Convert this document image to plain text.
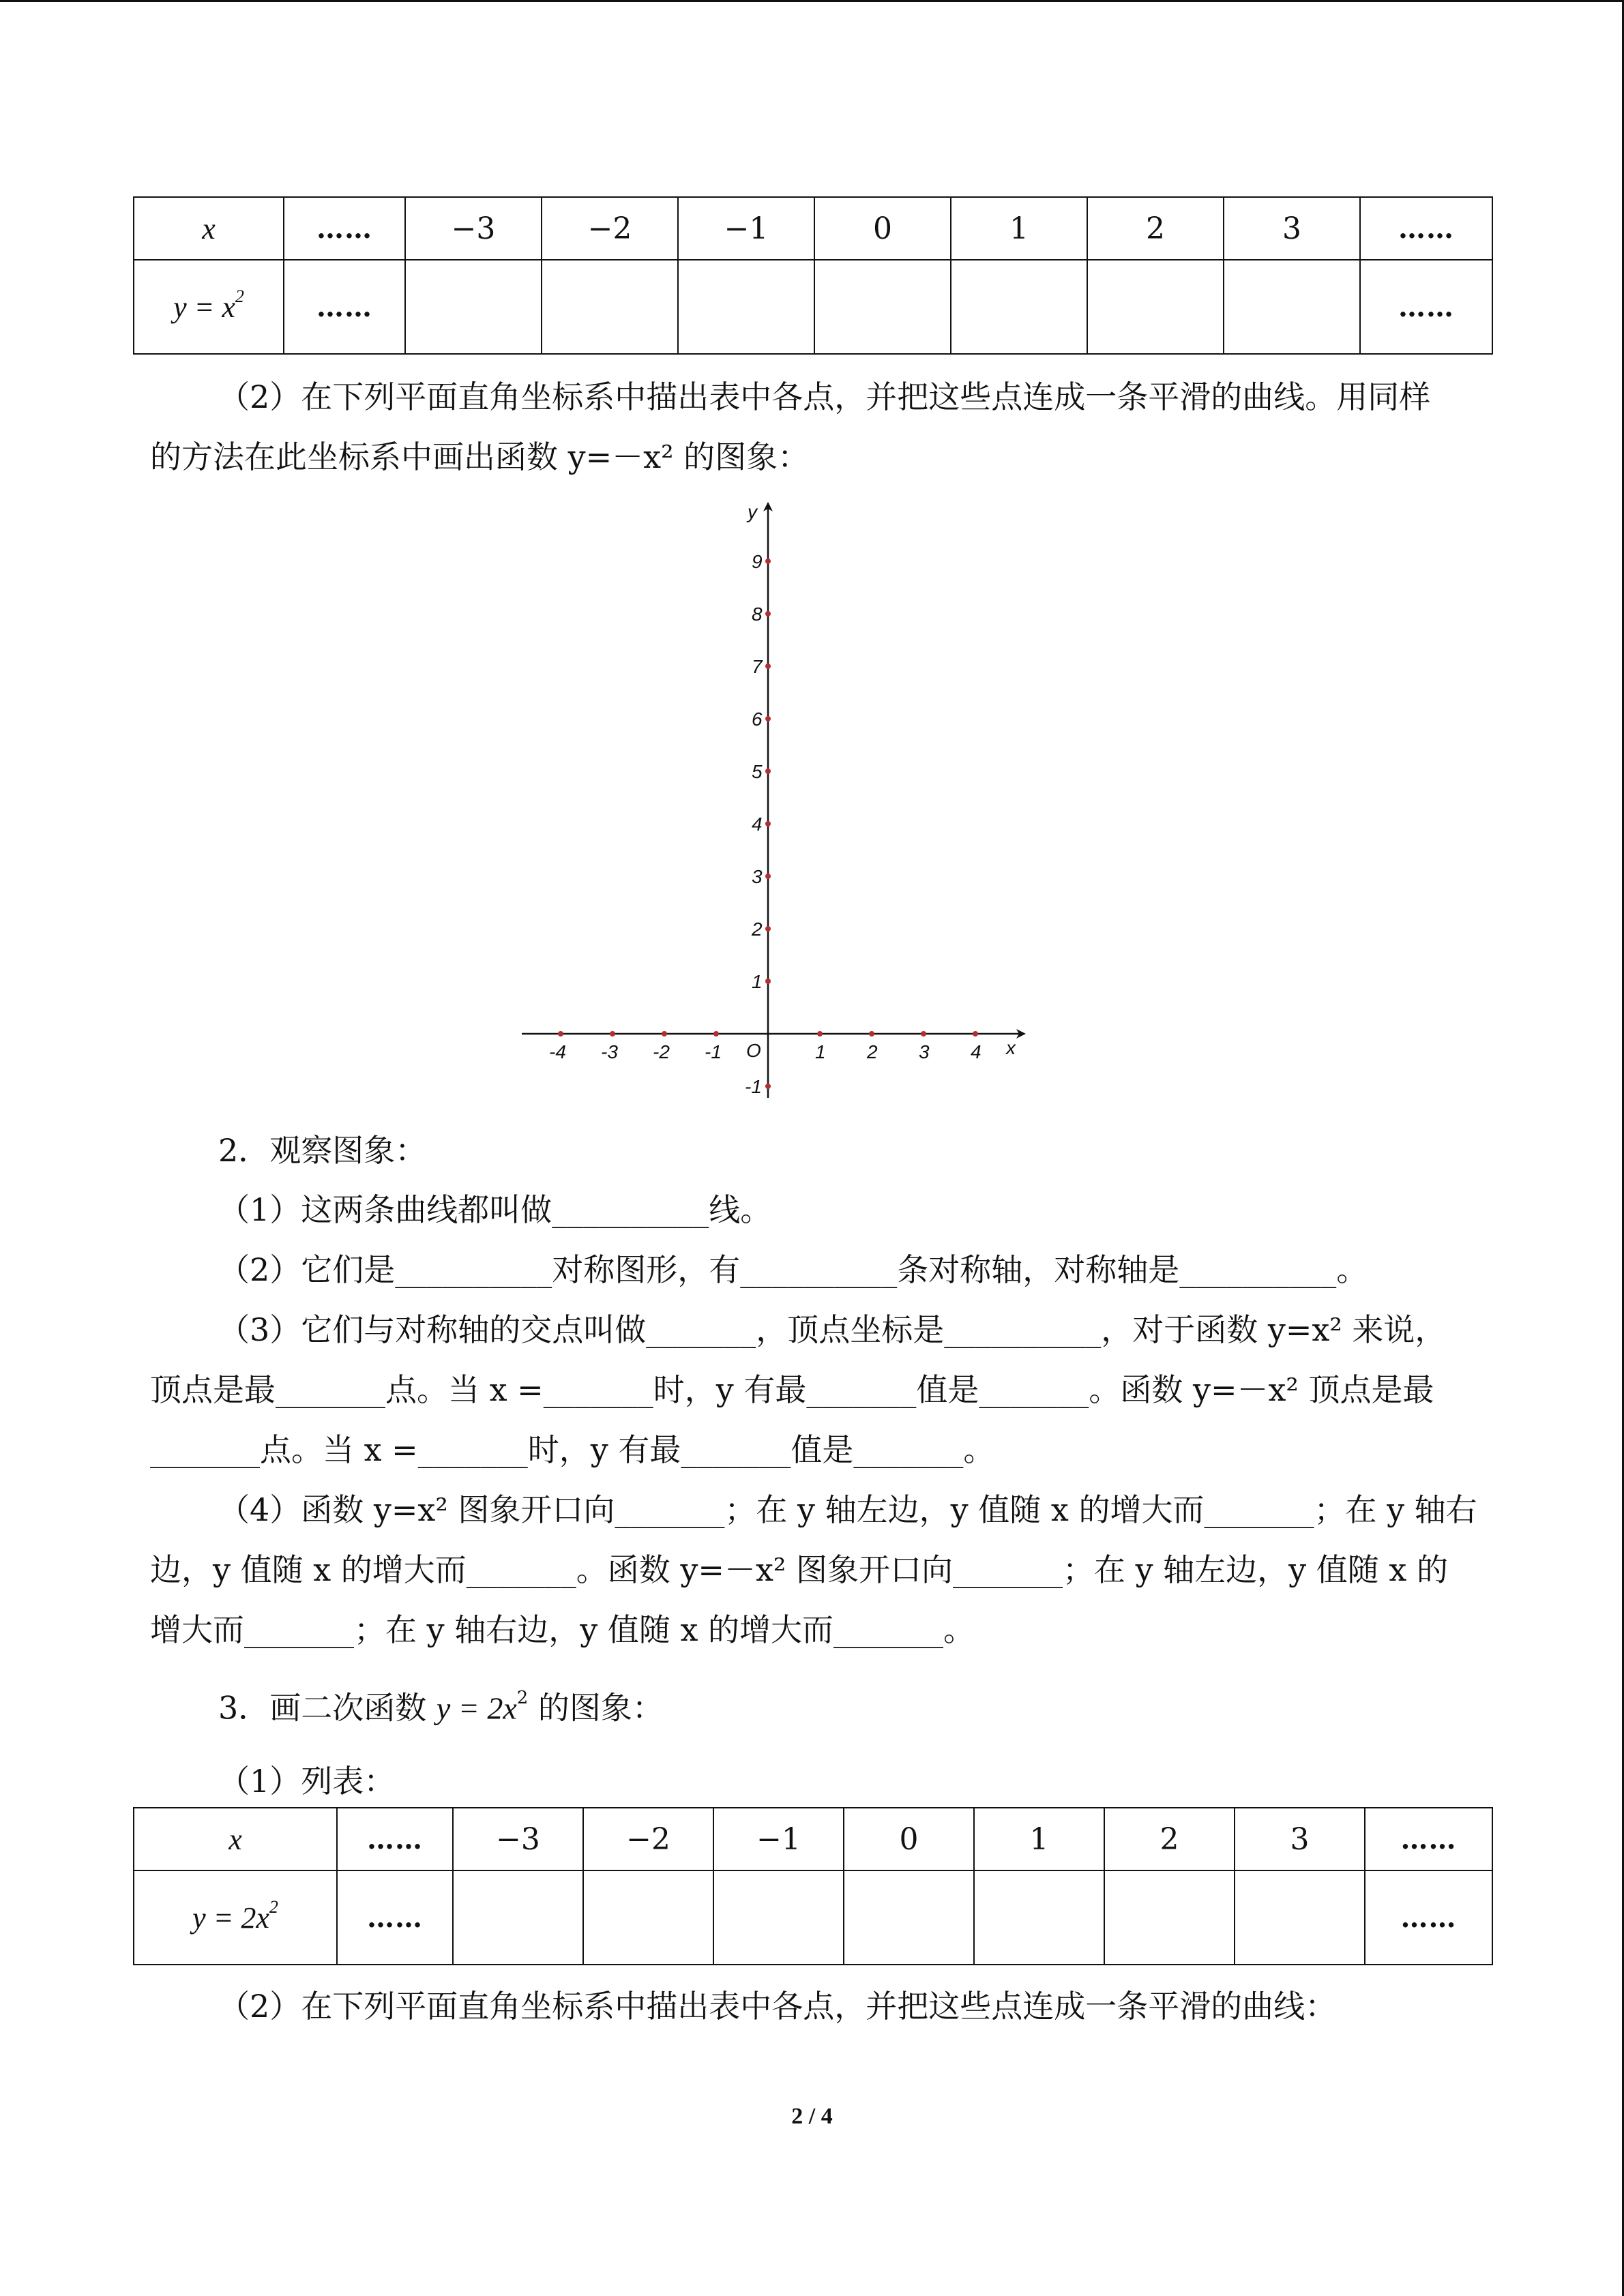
x	……	−3	−2	−1	0	1	2	3	……
$y = x^2$	……								……

（2）在下列平面直角坐标系中描出表中各点，并把这些点连成一条平滑的曲线。用同样

的方法在此坐标系中画出函数 y=－x² 的图象：

-4 -3 -2 -1	1 2 3 4
-1
1
2
3
4
5
6
7
8
9
x
y
O

2．观察图象：

（1）这两条曲线都叫做__________线。

（2）它们是__________对称图形，有__________条对称轴，对称轴是__________。

（3）它们与对称轴的交点叫做_______，顶点坐标是__________，对于函数 y=x² 来说，

顶点是最_______点。当 x =_______时，y 有最_______值是_______。函数 y=－x² 顶点是最

_______点。当 x =_______时，y 有最_______值是_______。

（4）函数 y=x² 图象开口向_______；在 y 轴左边，y 值随 x 的增大而_______；在 y 轴右

边，y 值随 x 的增大而_______。函数 y=－x² 图象开口向_______；在 y 轴左边，y 值随 x 的

增大而_______；在 y 轴右边，y 值随 x 的增大而_______。

3．画二次函数 $y = 2x^2$ 的图象：

（1）列表：

x	……	−3	−2	−1	0	1	2	3	……
$y = 2x^2$	……								……

（2）在下列平面直角坐标系中描出表中各点，并把这些点连成一条平滑的曲线：

2 / 4
